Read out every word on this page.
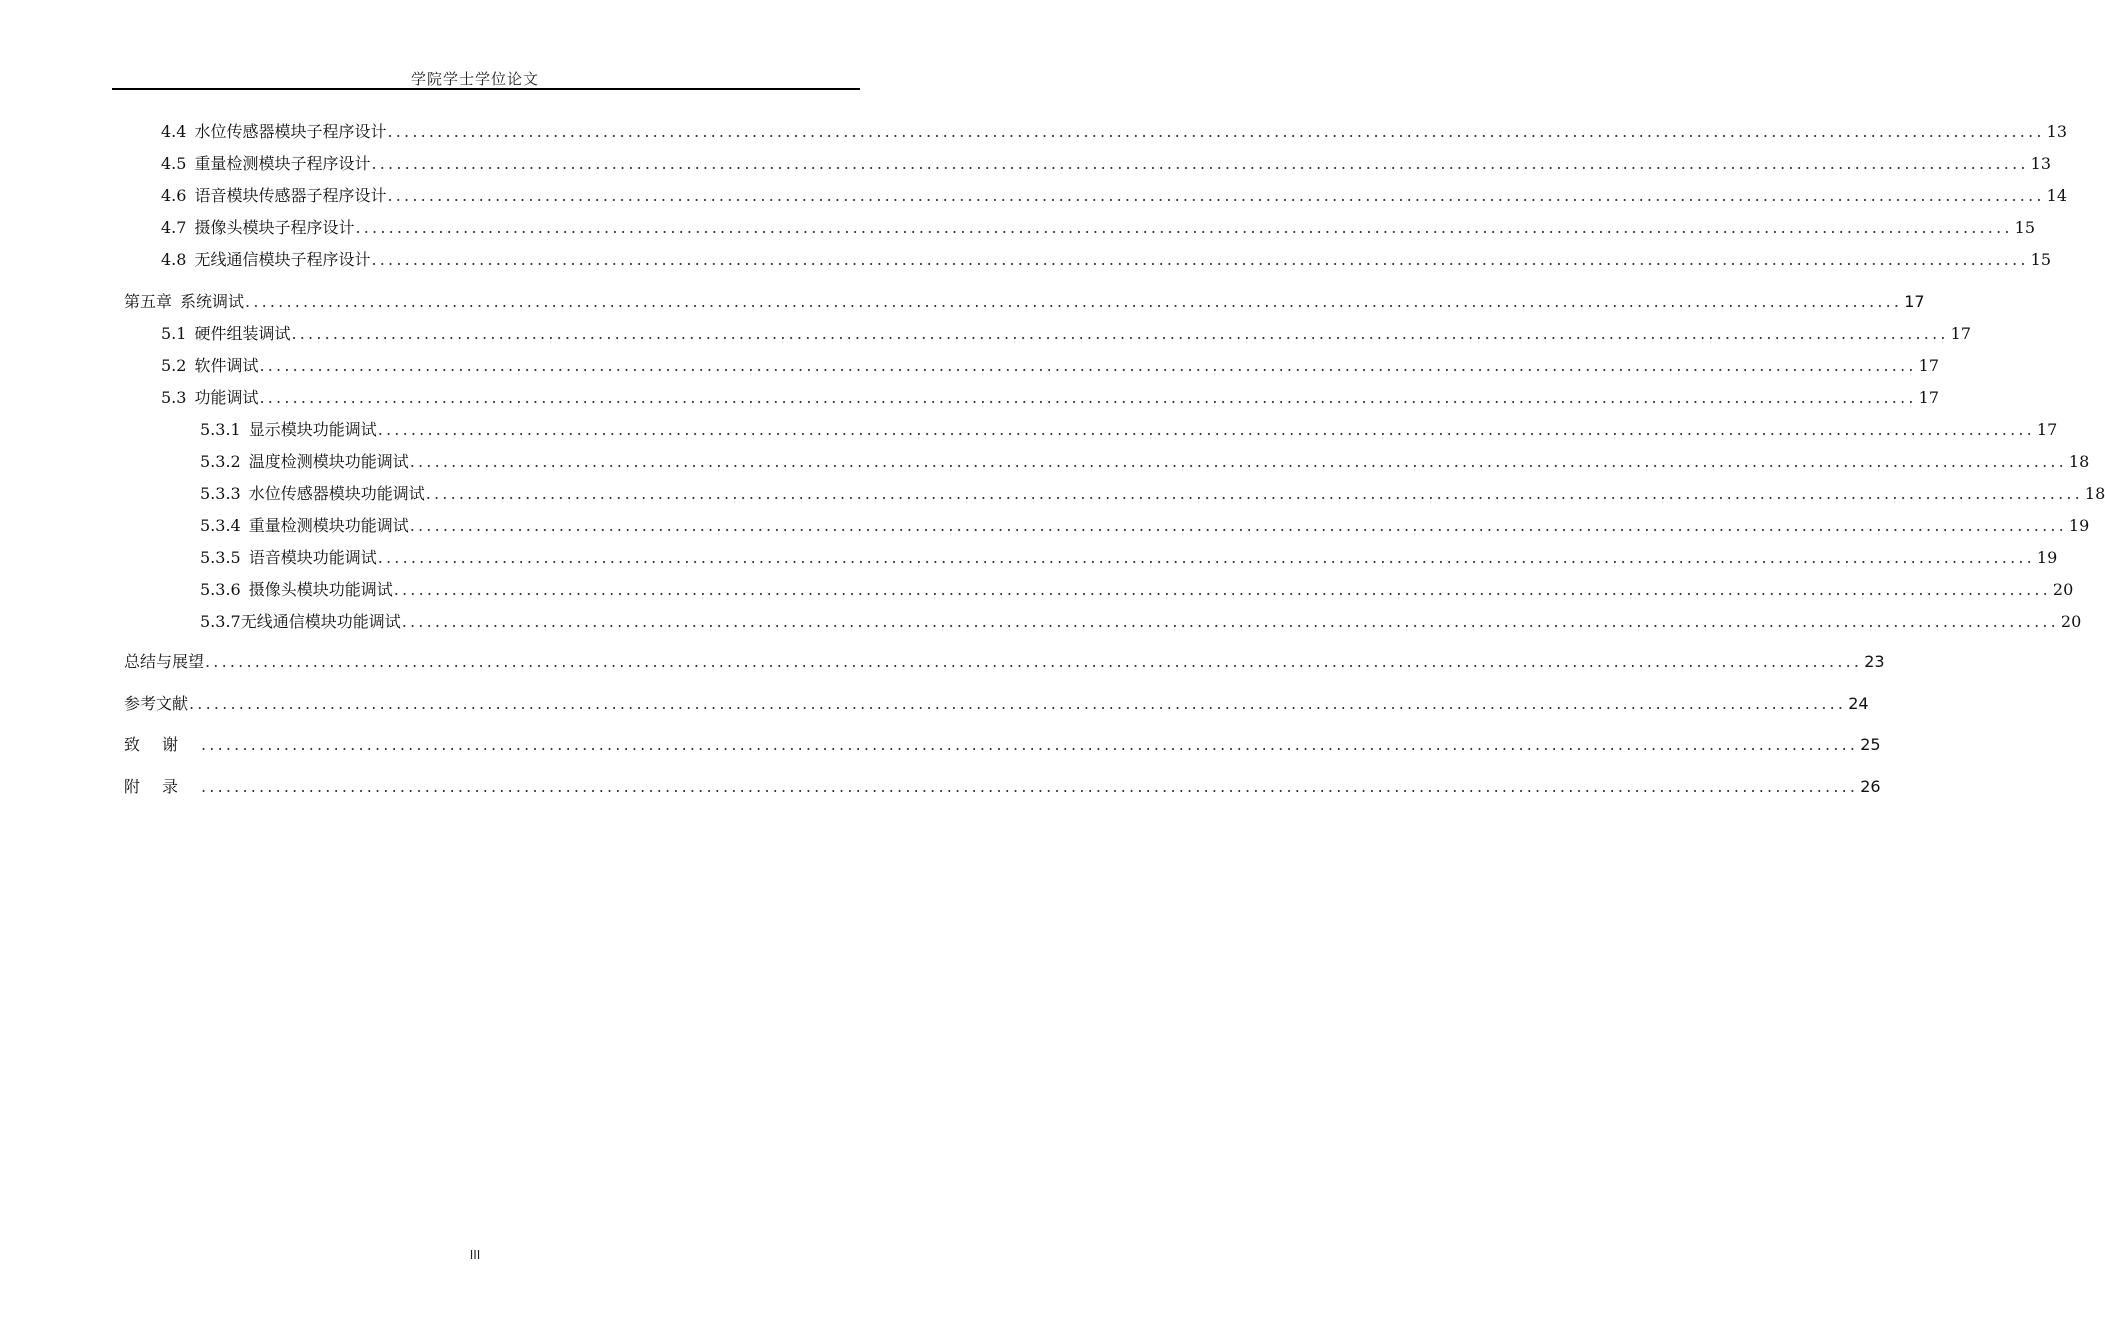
学院学士学位论文
4.4 水位传感器模块子程序设计 ........................................................................................................................................................................................................ 13
4.5 重量检测模块子程序设计 ........................................................................................................................................................................................................ 13
4.6 语音模块传感器子程序设计 ........................................................................................................................................................................................................ 14
4.7 摄像头模块子程序设计 ........................................................................................................................................................................................................ 15
4.8 无线通信模块子程序设计 ........................................................................................................................................................................................................ 15
第五章 系统调试 ........................................................................................................................................................................................................ 17
5.1 硬件组装调试 ........................................................................................................................................................................................................ 17
5.2 软件调试 ........................................................................................................................................................................................................ 17
5.3 功能调试 ........................................................................................................................................................................................................ 17
5.3.1 显示模块功能调试 ........................................................................................................................................................................................................ 17
5.3.2 温度检测模块功能调试 ........................................................................................................................................................................................................ 18
5.3.3 水位传感器模块功能调试 ........................................................................................................................................................................................................ 18
5.3.4 重量检测模块功能调试 ........................................................................................................................................................................................................ 19
5.3.5 语音模块功能调试 ........................................................................................................................................................................................................ 19
5.3.6 摄像头模块功能调试 ........................................................................................................................................................................................................ 20
5.3.7 无线通信模块功能调试 ........................................................................................................................................................................................................ 20
总结与展望 ........................................................................................................................................................................................................ 23
参考文献 ........................................................................................................................................................................................................ 24
致谢 ........................................................................................................................................................................................................ 25
附录 ........................................................................................................................................................................................................ 26
III
